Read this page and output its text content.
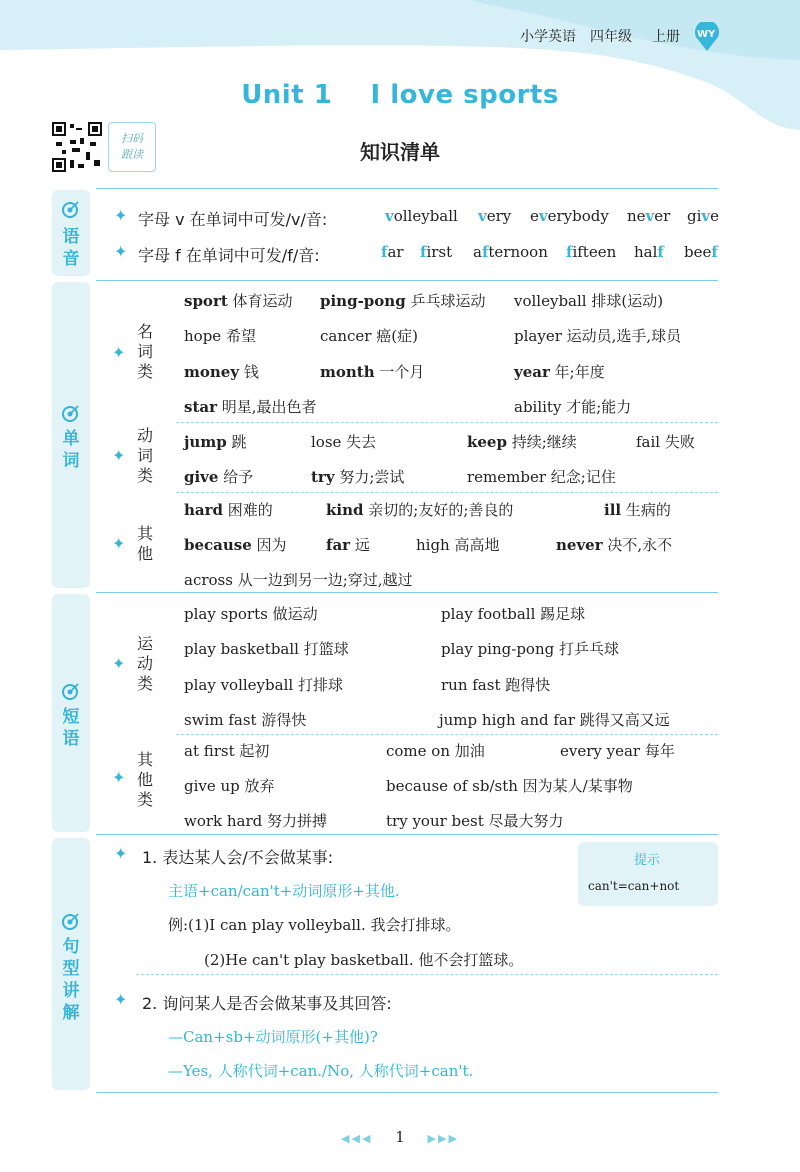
小学英语 四年级 上册 WY
Unit 1    I love sports
知识清单
扫码
跟读
语
音
单
词
短
语
句
型
讲
解
✦ 字母 v 在单词中可发/v/音:	volleyball very everybody never give
✦ 字母 f 在单词中可发/f/音:	far first afternoon fifteen half beef
✦
名
词
类
✦
动
词
类
✦
其
他
sport 体育运动 ping-pong 乒乓球运动 volleyball 排球(运动)
hope 希望	cancer 癌(症)	player 运动员,选手,球员
money 钱	month 一个月	year 年;年度
star 明星,最出色者	ability 才能;能力
jump 跳	lose 失去	keep 持续;继续	fail 失败
give 给予	try 努力;尝试	remember 纪念;记住
hard 困难的	kind 亲切的;友好的;善良的	ill 生病的
because 因为	far 远	high 高高地	never 决不,永不
across 从一边到另一边;穿过,越过
✦
运
动
类
✦
其
他
类
play sports 做运动	play football 踢足球
play basketball 打篮球	play ping-pong 打乒乓球
play volleyball 打排球	run fast 跑得快
swim fast 游得快	jump high and far 跳得又高又远
at first 起初	come on 加油	every year 每年
give up 放弃	because of sb/sth 因为某人/某事物
work hard 努力拼搏	try your best 尽最大努力
✦ 1. 表达某人会/不会做某事:
主语+can/can't+动词原形+其他.
例:(1)I can play volleyball. 我会打排球。
(2)He can't play basketball. 他不会打篮球。
提示
can't=can+not
✦ 2. 询问某人是否会做某事及其回答:
—Can+sb+动词原形(+其他)?
—Yes, 人称代词+can./No, 人称代词+can't.
◀◀◀ 1 ▶▶▶
